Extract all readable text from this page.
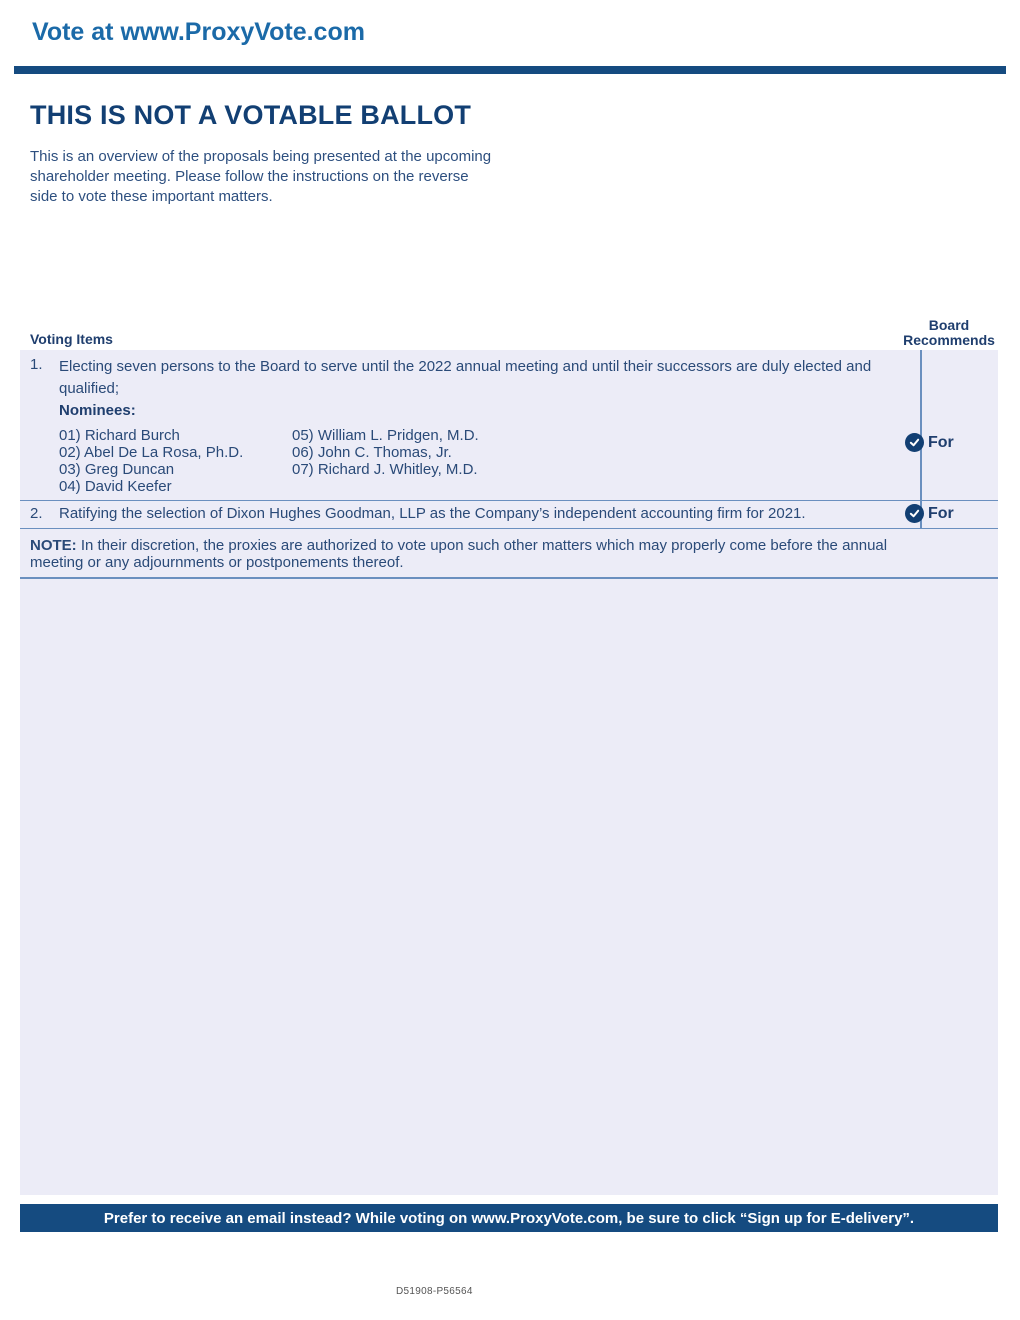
Vote at www.ProxyVote.com
THIS IS NOT A VOTABLE BALLOT

This is an overview of the proposals being presented at the upcoming shareholder meeting. Please follow the instructions on the reverse side to vote these important matters.

Voting Items
Board
Recommends
1. Electing seven persons to the Board to serve until the 2022 annual meeting and until their successors are duly elected and qualified;
Nominees:
01) Richard Burch
02) Abel De La Rosa, Ph.D.
03) Greg Duncan
04) David Keefer
05) William L. Pridgen, M.D.
06) John C. Thomas, Jr.
07) Richard J. Whitley, M.D.
For
2. Ratifying the selection of Dixon Hughes Goodman, LLP as the Company’s independent accounting firm for 2021.	For
NOTE: In their discretion, the proxies are authorized to vote upon such other matters which may properly come before the annual meeting or any adjournments or postponements thereof.
Prefer to receive an email instead? While voting on www.ProxyVote.com, be sure to click “Sign up for E-delivery”.
D51908-P56564
